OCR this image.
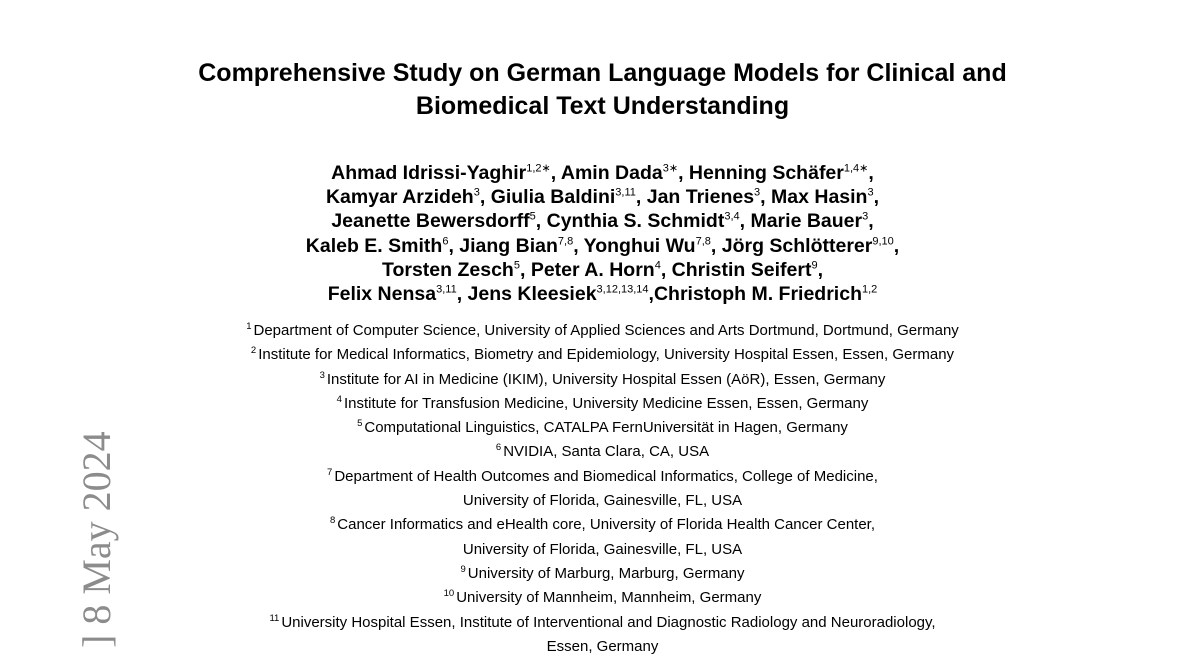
Comprehensive Study on German Language Models for Clinical and
Biomedical Text Understanding
Ahmad Idrissi-Yaghir$^{1,2∗}$, Amin Dada$^{3∗}$, Henning Schäfer$^{1,4∗}$,
Kamyar Arzideh$^3$, Giulia Baldini$^{3,11}$, Jan Trienes$^3$, Max Hasin$^3$,
Jeanette Bewersdorff$^5$, Cynthia S. Schmidt$^{3,4}$, Marie Bauer$^3$,
Kaleb E. Smith$^6$, Jiang Bian$^{7,8}$, Yonghui Wu$^{7,8}$, Jörg Schlötterer$^{9,10}$,
Torsten Zesch$^5$, Peter A. Horn$^4$, Christin Seifert$^9$,
Felix Nensa$^{3,11}$, Jens Kleesiek$^{3,12,13,14}$,Christoph M. Friedrich$^{1,2}$
$^1$ Department of Computer Science, University of Applied Sciences and Arts Dortmund, Dortmund, Germany
$^2$ Institute for Medical Informatics, Biometry and Epidemiology, University Hospital Essen, Essen, Germany
$^3$ Institute for AI in Medicine (IKIM), University Hospital Essen (AöR), Essen, Germany
$^4$ Institute for Transfusion Medicine, University Medicine Essen, Essen, Germany
$^5$ Computational Linguistics, CATALPA FernUniversität in Hagen, Germany
$^6$ NVIDIA, Santa Clara, CA, USA
$^7$ Department of Health Outcomes and Biomedical Informatics, College of Medicine,
University of Florida, Gainesville, FL, USA
$^8$ Cancer Informatics and eHealth core, University of Florida Health Cancer Center,
University of Florida, Gainesville, FL, USA
$^9$ University of Marburg, Marburg, Germany
$^{10}$ University of Mannheim, Mannheim, Germany
$^{11}$ University Hospital Essen, Institute of Interventional and Diagnostic Radiology and Neuroradiology,
Essen, Germany
] 8 May 2024
